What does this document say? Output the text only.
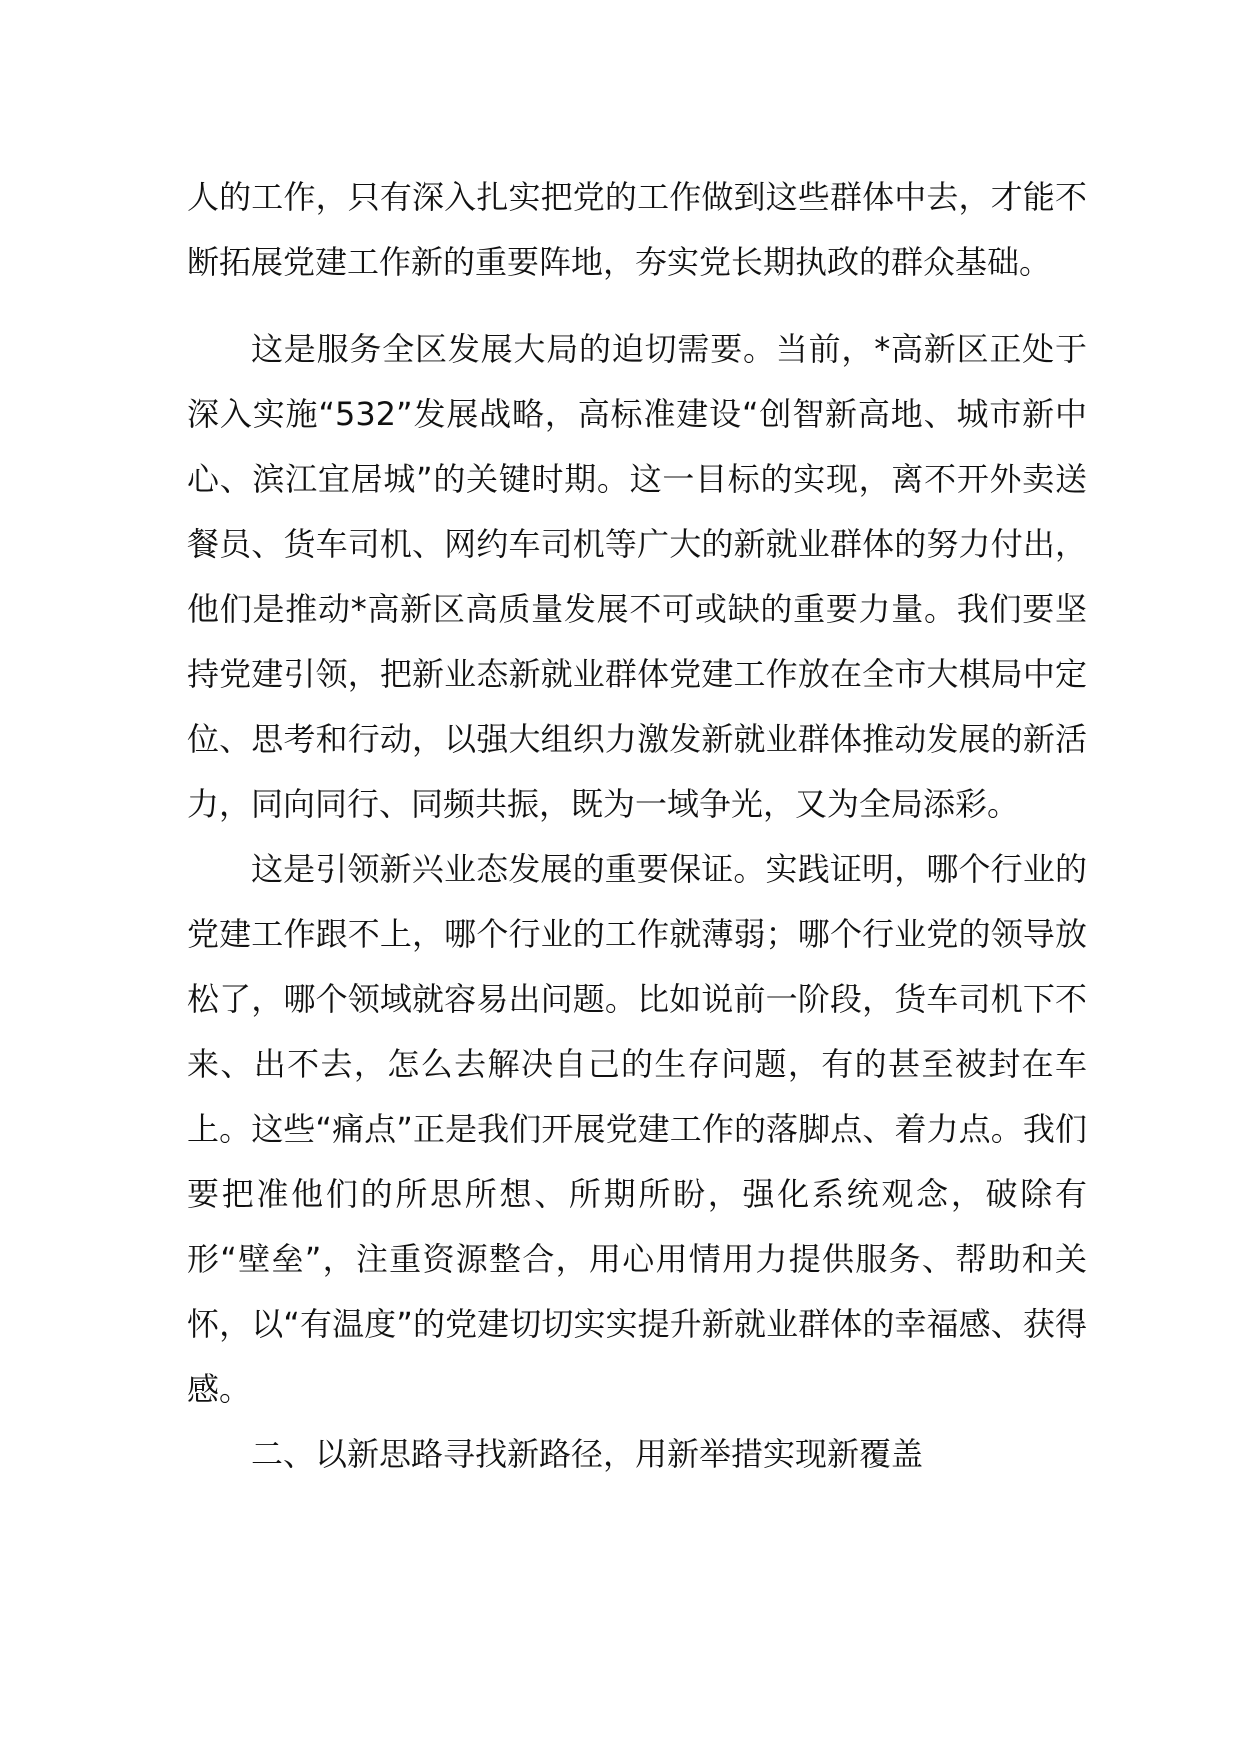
人的工作，只有深入扎实把党的工作做到这些群体中去，才能不断拓展党建工作新的重要阵地，夯实党长期执政的群众基础。

这是服务全区发展大局的迫切需要。当前，*高新区正处于深入实施“532”发展战略，高标准建设“创智新高地、城市新中心、滨江宜居城”的关键时期。这一目标的实现，离不开外卖送餐员、货车司机、网约车司机等广大的新就业群体的努力付出，他们是推动*高新区高质量发展不可或缺的重要力量。我们要坚持党建引领，把新业态新就业群体党建工作放在全市大棋局中定位、思考和行动，以强大组织力激发新就业群体推动发展的新活力，同向同行、同频共振，既为一域争光，又为全局添彩。

这是引领新兴业态发展的重要保证。实践证明，哪个行业的党建工作跟不上，哪个行业的工作就薄弱；哪个行业党的领导放松了，哪个领域就容易出问题。比如说前一阶段，货车司机下不来、出不去，怎么去解决自己的生存问题，有的甚至被封在车上。这些“痛点”正是我们开展党建工作的落脚点、着力点。我们要把准他们的所思所想、所期所盼，强化系统观念，破除有形“壁垒”，注重资源整合，用心用情用力提供服务、帮助和关怀，以“有温度”的党建切切实实提升新就业群体的幸福感、获得感。

二、以新思路寻找新路径，用新举措实现新覆盖
